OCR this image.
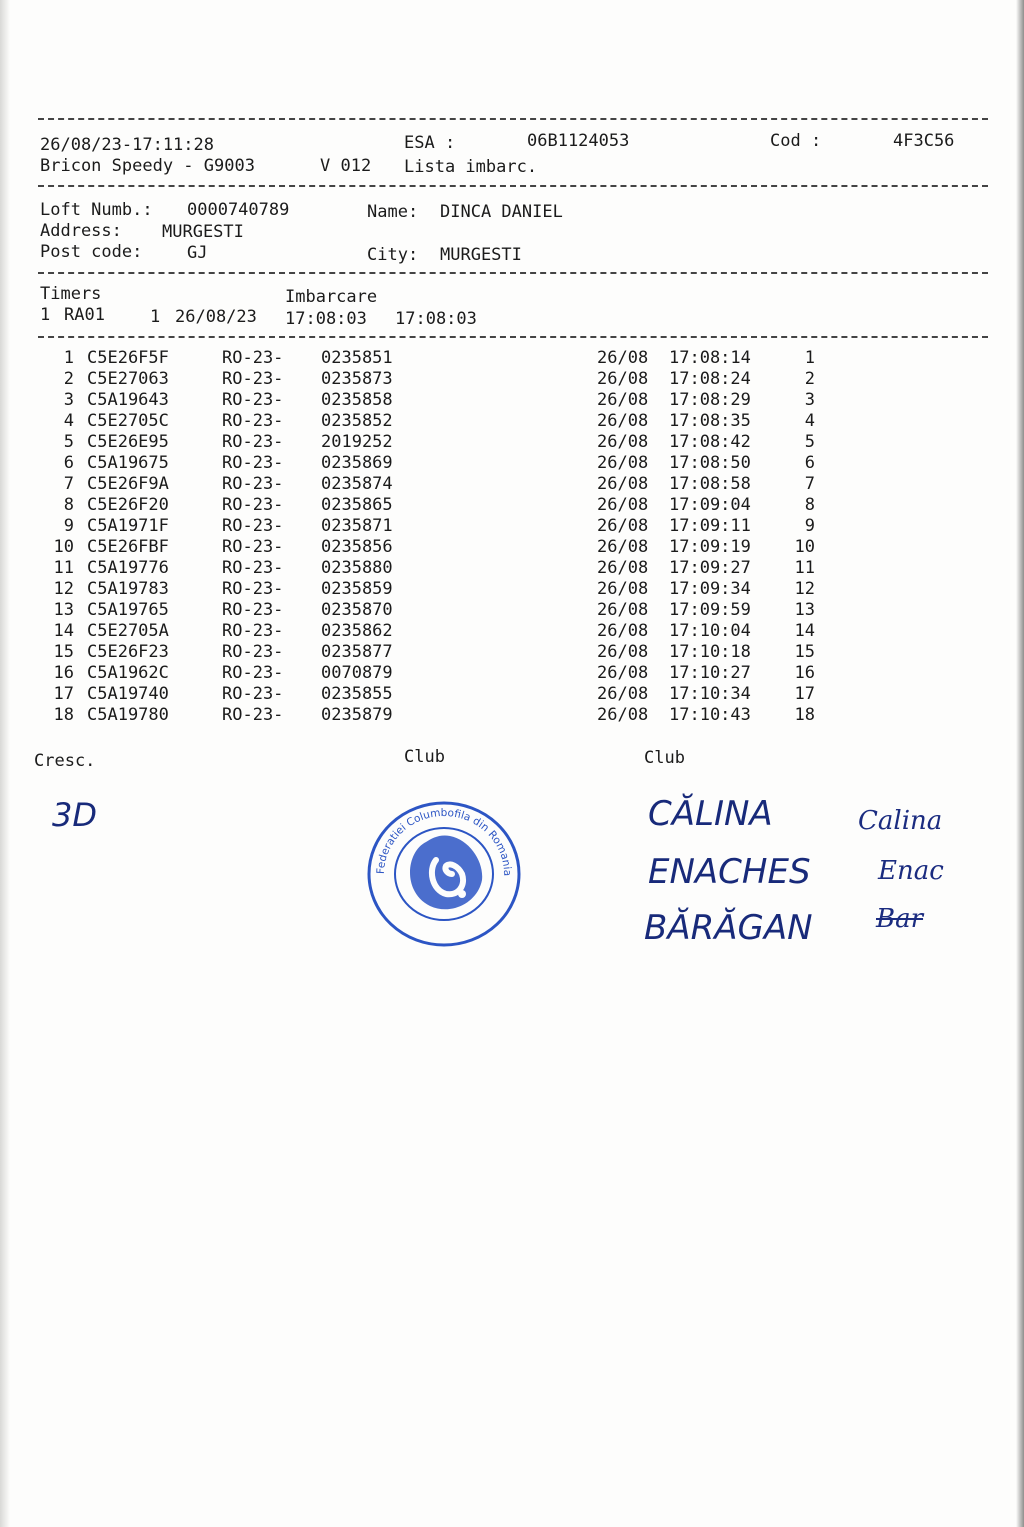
26/08/23-17:11:28	ESA :	06B1124053	Cod :	4F3C56
Bricon Speedy - G9003	V 012 Lista imbarc.
Loft Numb.: 0000740789	Name: DINCA DANIEL
Address: MURGESTI
Post code:	GJ	City: MURGESTI
Timers	Imbarcare
1 RA01	1 26/08/23 17:08:03 17:08:03
1 C5E26F5F	RO-23- 0235851	26/08 17:08:14	1
2 C5E27063	RO-23- 0235873	26/08 17:08:24	2
3 C5A19643	RO-23- 0235858	26/08 17:08:29	3
4 C5E2705C	RO-23- 0235852	26/08 17:08:35	4
5 C5E26E95	RO-23- 2019252	26/08 17:08:42	5
6 C5A19675	RO-23- 0235869	26/08 17:08:50	6
7 C5E26F9A	RO-23- 0235874	26/08 17:08:58	7
8 C5E26F20	RO-23- 0235865	26/08 17:09:04	8
9 C5A1971F	RO-23- 0235871	26/08 17:09:11	9
10 C5E26FBF	RO-23- 0235856	26/08 17:09:19	10
11 C5A19776	RO-23- 0235880	26/08 17:09:27	11
12 C5A19783	RO-23- 0235859	26/08 17:09:34	12
13 C5A19765	RO-23- 0235870	26/08 17:09:59	13
14 C5E2705A	RO-23- 0235862	26/08 17:10:04	14
15 C5E26F23	RO-23- 0235877	26/08 17:10:18	15
16 C5A1962C	RO-23- 0070879	26/08 17:10:27	16
17 C5A19740	RO-23- 0235855	26/08 17:10:34	17
18 C5A19780	RO-23- 0235879	26/08 17:10:43	18
Cresc.	Club	Club
3D	CĂLINA
ENACHES
BĂRĂGAN
Calina
Enac
Bar
Federatiei Columbofila din Romania
